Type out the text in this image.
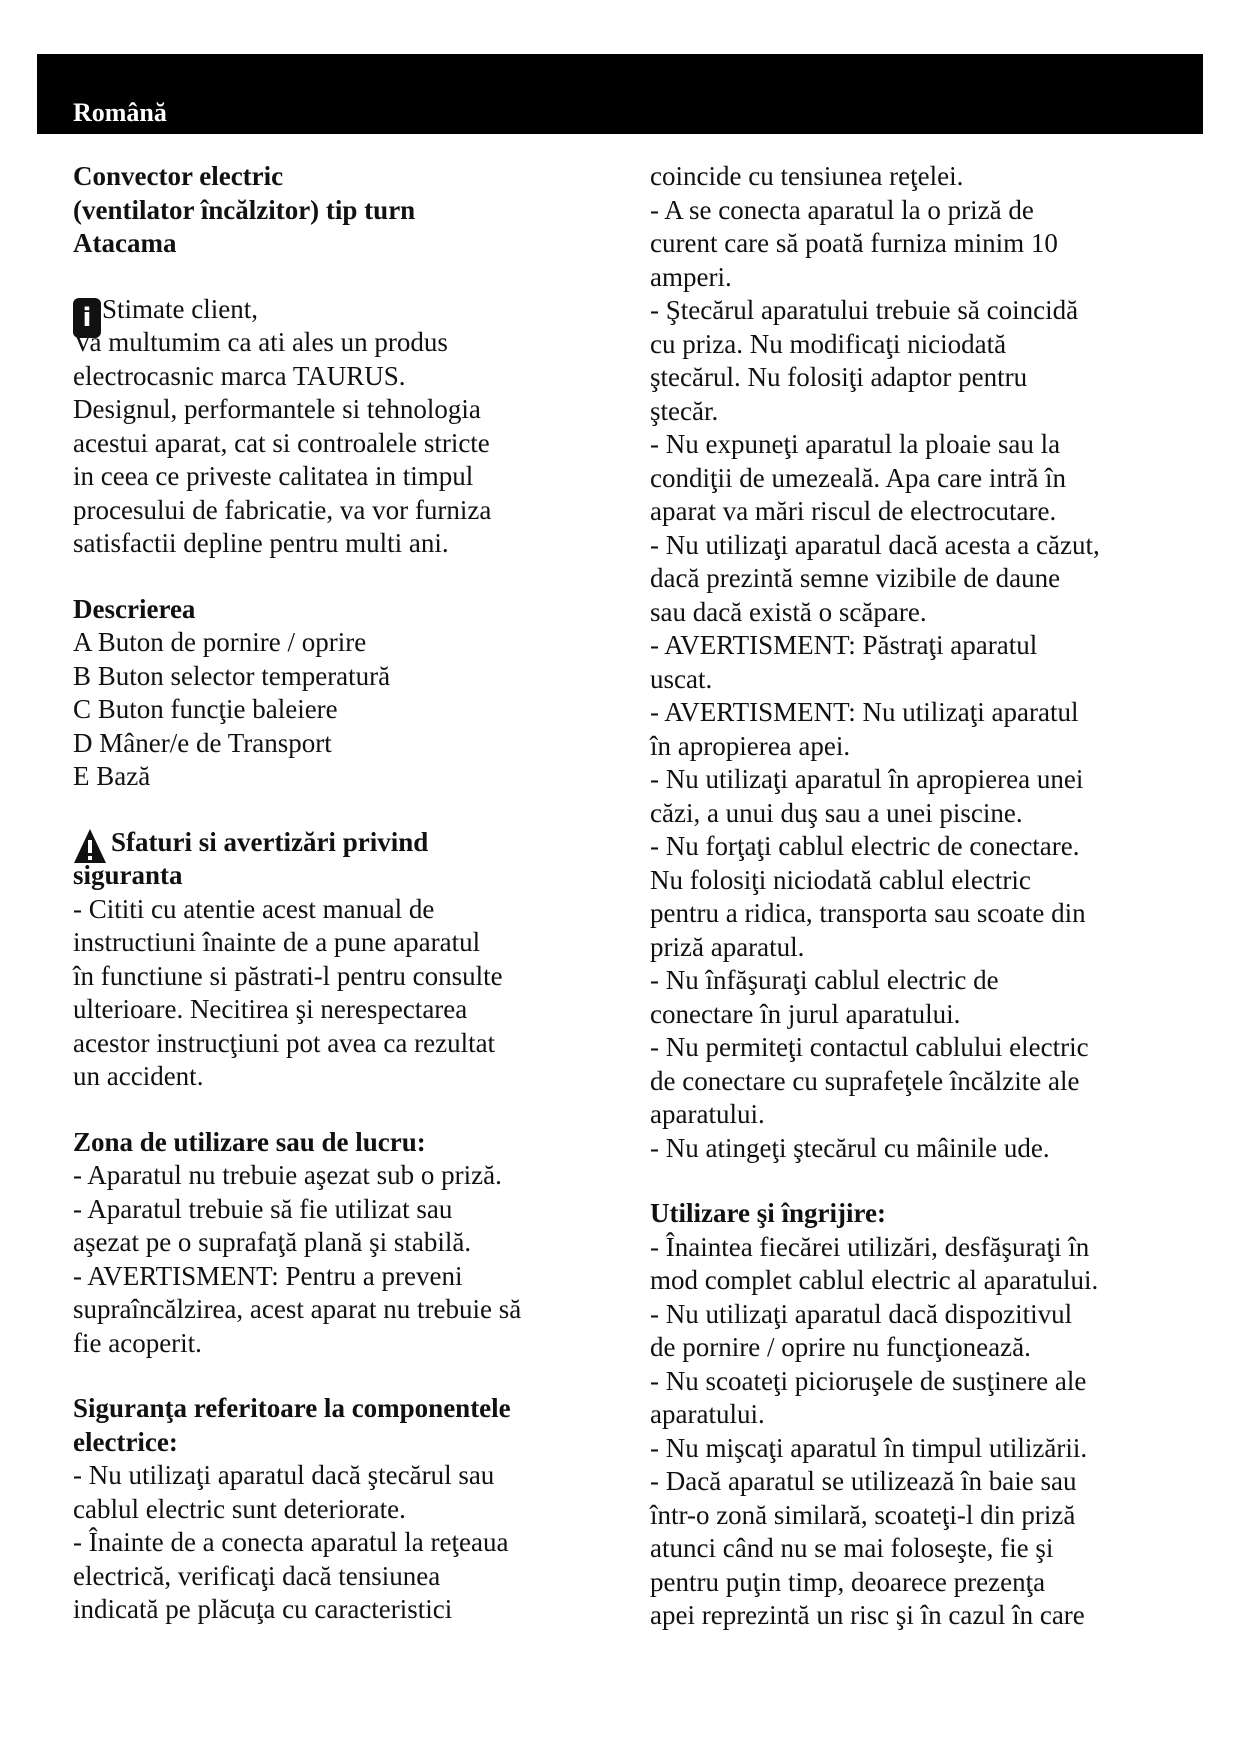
Română
Convector electric
(ventilator încălzitor) tip turn
Atacama
i Stimate client,
Va multumim ca ati ales un produs
electrocasnic marca TAURUS.
Designul, performantele si tehnologia
acestui aparat, cat si controalele stricte
in ceea ce priveste calitatea in timpul
procesului de fabricatie, va vor furniza
satisfactii depline pentru multi ani.
Descrierea
A Buton de pornire / oprire
B Buton selector temperatură
C Buton funcţie baleiere
D Mâner/e de Transport
E Bază
Sfaturi si avertizări privind
siguranta
- Cititi cu atentie acest manual de
instructiuni înainte de a pune aparatul
în functiune si păstrati-l pentru consulte
ulterioare. Necitirea şi nerespectarea
acestor instrucţiuni pot avea ca rezultat
un accident.
Zona de utilizare sau de lucru:
- Aparatul nu trebuie aşezat sub o priză.
- Aparatul trebuie să fie utilizat sau
aşezat pe o suprafaţă plană şi stabilă.
- AVERTISMENT: Pentru a preveni
supraîncălzirea, acest aparat nu trebuie să
fie acoperit.
Siguranţa referitoare la componentele
electrice:
- Nu utilizaţi aparatul dacă ştecărul sau
cablul electric sunt deteriorate.
- Înainte de a conecta aparatul la reţeaua
electrică, verificaţi dacă tensiunea
indicată pe plăcuţa cu caracteristici
coincide cu tensiunea reţelei.
- A se conecta aparatul la o priză de
curent care să poată furniza minim 10
amperi.
- Ştecărul aparatului trebuie să coincidă
cu priza. Nu modificaţi niciodată
ştecărul. Nu folosiţi adaptor pentru
ştecăr.
- Nu expuneţi aparatul la ploaie sau la
condiţii de umezeală. Apa care intră în
aparat va mări riscul de electrocutare.
- Nu utilizaţi aparatul dacă acesta a căzut,
dacă prezintă semne vizibile de daune
sau dacă există o scăpare.
- AVERTISMENT: Păstraţi aparatul
uscat.
- AVERTISMENT: Nu utilizaţi aparatul
în apropierea apei.
- Nu utilizaţi aparatul în apropierea unei
căzi, a unui duş sau a unei piscine.
- Nu forţaţi cablul electric de conectare.
Nu folosiţi niciodată cablul electric
pentru a ridica, transporta sau scoate din
priză aparatul.
- Nu înfăşuraţi cablul electric de
conectare în jurul aparatului.
- Nu permiteţi contactul cablului electric
de conectare cu suprafeţele încălzite ale
aparatului.
- Nu atingeţi ştecărul cu mâinile ude.
Utilizare şi îngrijire:
- Înaintea fiecărei utilizări, desfăşuraţi în
mod complet cablul electric al aparatului.
- Nu utilizaţi aparatul dacă dispozitivul
de pornire / oprire nu funcţionează.
- Nu scoateţi picioruşele de susţinere ale
aparatului.
- Nu mişcaţi aparatul în timpul utilizării.
- Dacă aparatul se utilizează în baie sau
într-o zonă similară, scoateţi-l din priză
atunci când nu se mai foloseşte, fie şi
pentru puţin timp, deoarece prezenţa
apei reprezintă un risc şi în cazul în care
